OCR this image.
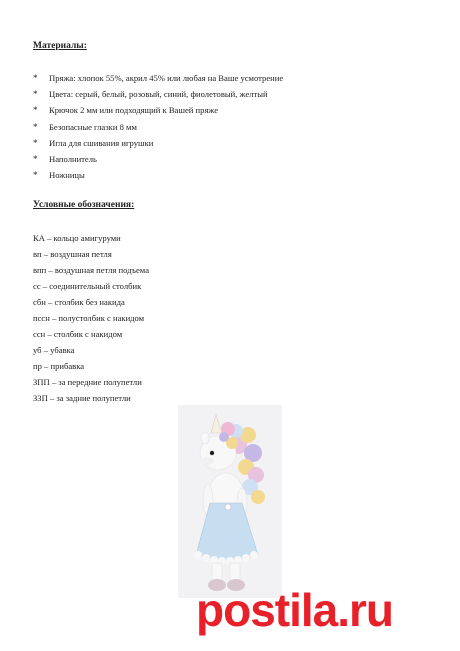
Материалы:
* Пряжа: хлопок 55%, акрил 45% или любая на Ваше усмотрение
* Цвета: серый, белый, розовый, синий, фиолетовый, желтый
* Крючок 2 мм или подходящий к Вашей пряже
* Безопасные глазки 8 мм
* Игла для сшивания игрушки
* Наполнитель
* Ножницы
Условные обозначения:
КА – кольцо амигуруми
вп – воздушная петля
впп – воздушная петля подъема
сс – соединительный столбик
сбн – столбик без накида
пссн – полустолбик с накидом
ссн – столбик с накидом
уб – убавка
пр – прибавка
ЗПП – за передние полупетли
ЗЗП – за задние полупетли
postila .ru
